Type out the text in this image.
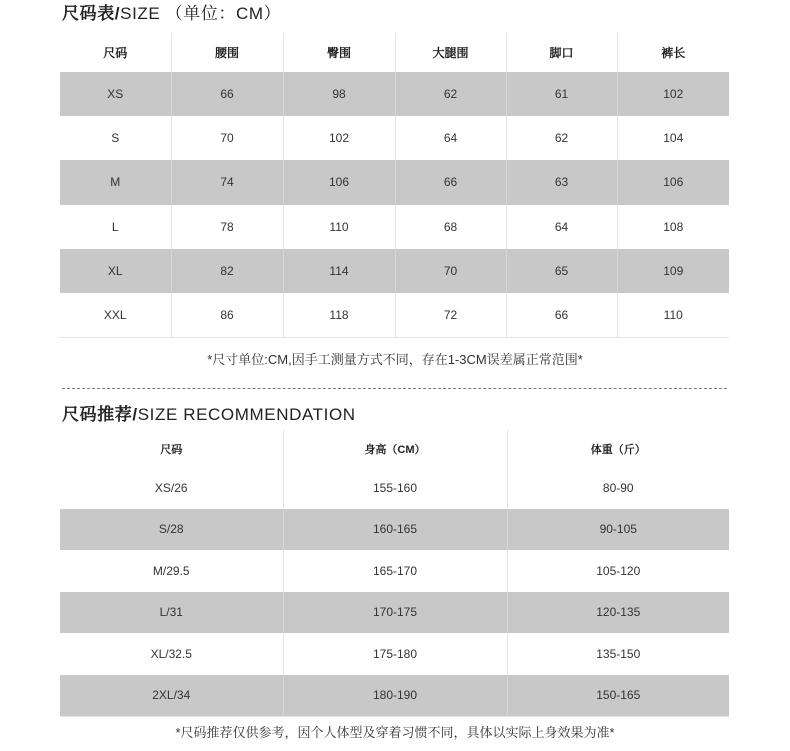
尺码表/SIZE （单位：CM）
尺码	腰围	臀围	大腿围	脚口	裤长
XS	66	98	62	61	102
S	70	102	64	62	104
M	74	106	66	63	106
L	78	110	68	64	108
XL	82	114	70	65	109
XXL	86	118	72	66	110
*尺寸单位:CM,因手工测量方式不同，存在1-3CM误差属正常范围*
尺码推荐/SIZE RECOMMENDATION
尺码	身高（CM）	体重（斤）
XS/26	155-160	80-90
S/28	160-165	90-105
M/29.5	165-170	105-120
L/31	170-175	120-135
XL/32.5	175-180	135-150
2XL/34	180-190	150-165
*尺码推荐仅供参考，因个人体型及穿着习惯不同，具体以实际上身效果为准*
